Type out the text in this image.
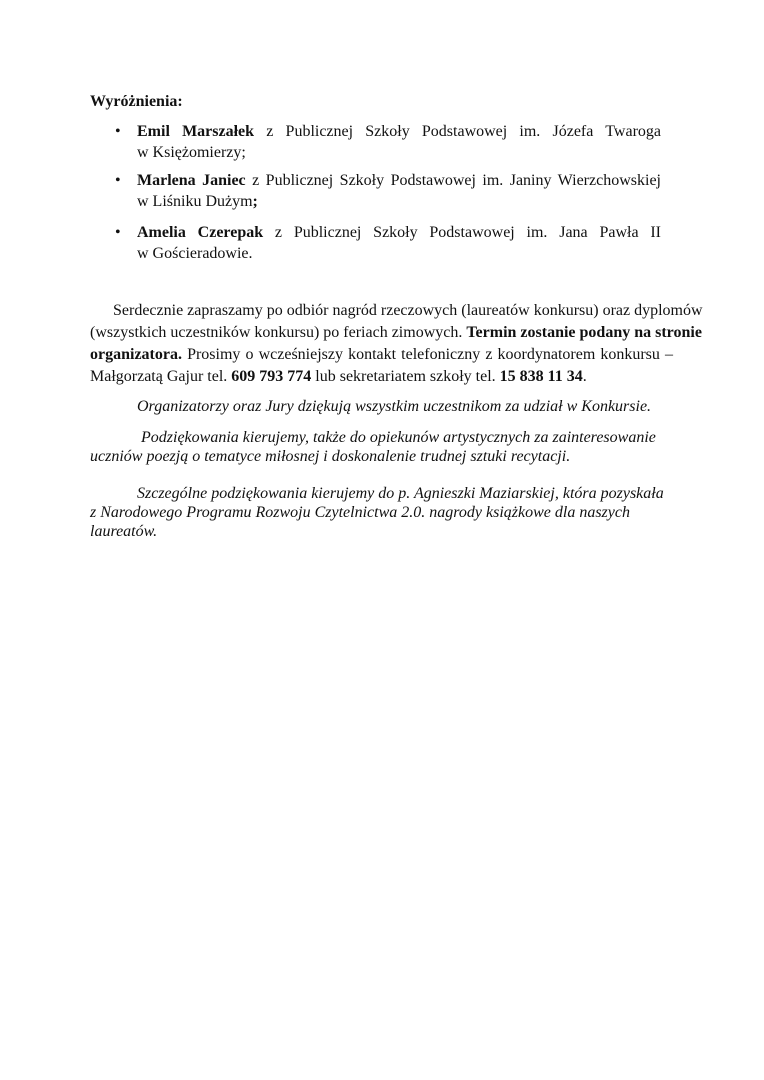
Wyróżnienia:
• Emil Marszałek z Publicznej Szkoły Podstawowej im. Józefa Twaroga
w Księżomierzy;
• Marlena Janiec z Publicznej Szkoły Podstawowej im. Janiny Wierzchowskiej
w Liśniku Dużym;
• Amelia Czerepak z Publicznej Szkoły Podstawowej im. Jana Pawła II
w Gościeradowie.
Serdecznie zapraszamy po odbiór nagród rzeczowych (laureatów konkursu) oraz dyplomów
(wszystkich uczestników konkursu) po feriach zimowych. Termin zostanie podany na stronie
organizatora. Prosimy o wcześniejszy kontakt telefoniczny z koordynatorem konkursu –
Małgorzatą Gajur tel. 609 793 774 lub sekretariatem szkoły tel. 15 838 11 34.
Organizatorzy oraz Jury dziękują wszystkim uczestnikom za udział w Konkursie.
Podziękowania kierujemy, także do opiekunów artystycznych za zainteresowanie
uczniów poezją o tematyce miłosnej i doskonalenie trudnej sztuki recytacji.
Szczególne podziękowania kierujemy do p. Agnieszki Maziarskiej, która pozyskała
z Narodowego Programu Rozwoju Czytelnictwa 2.0. nagrody książkowe dla naszych
laureatów.
